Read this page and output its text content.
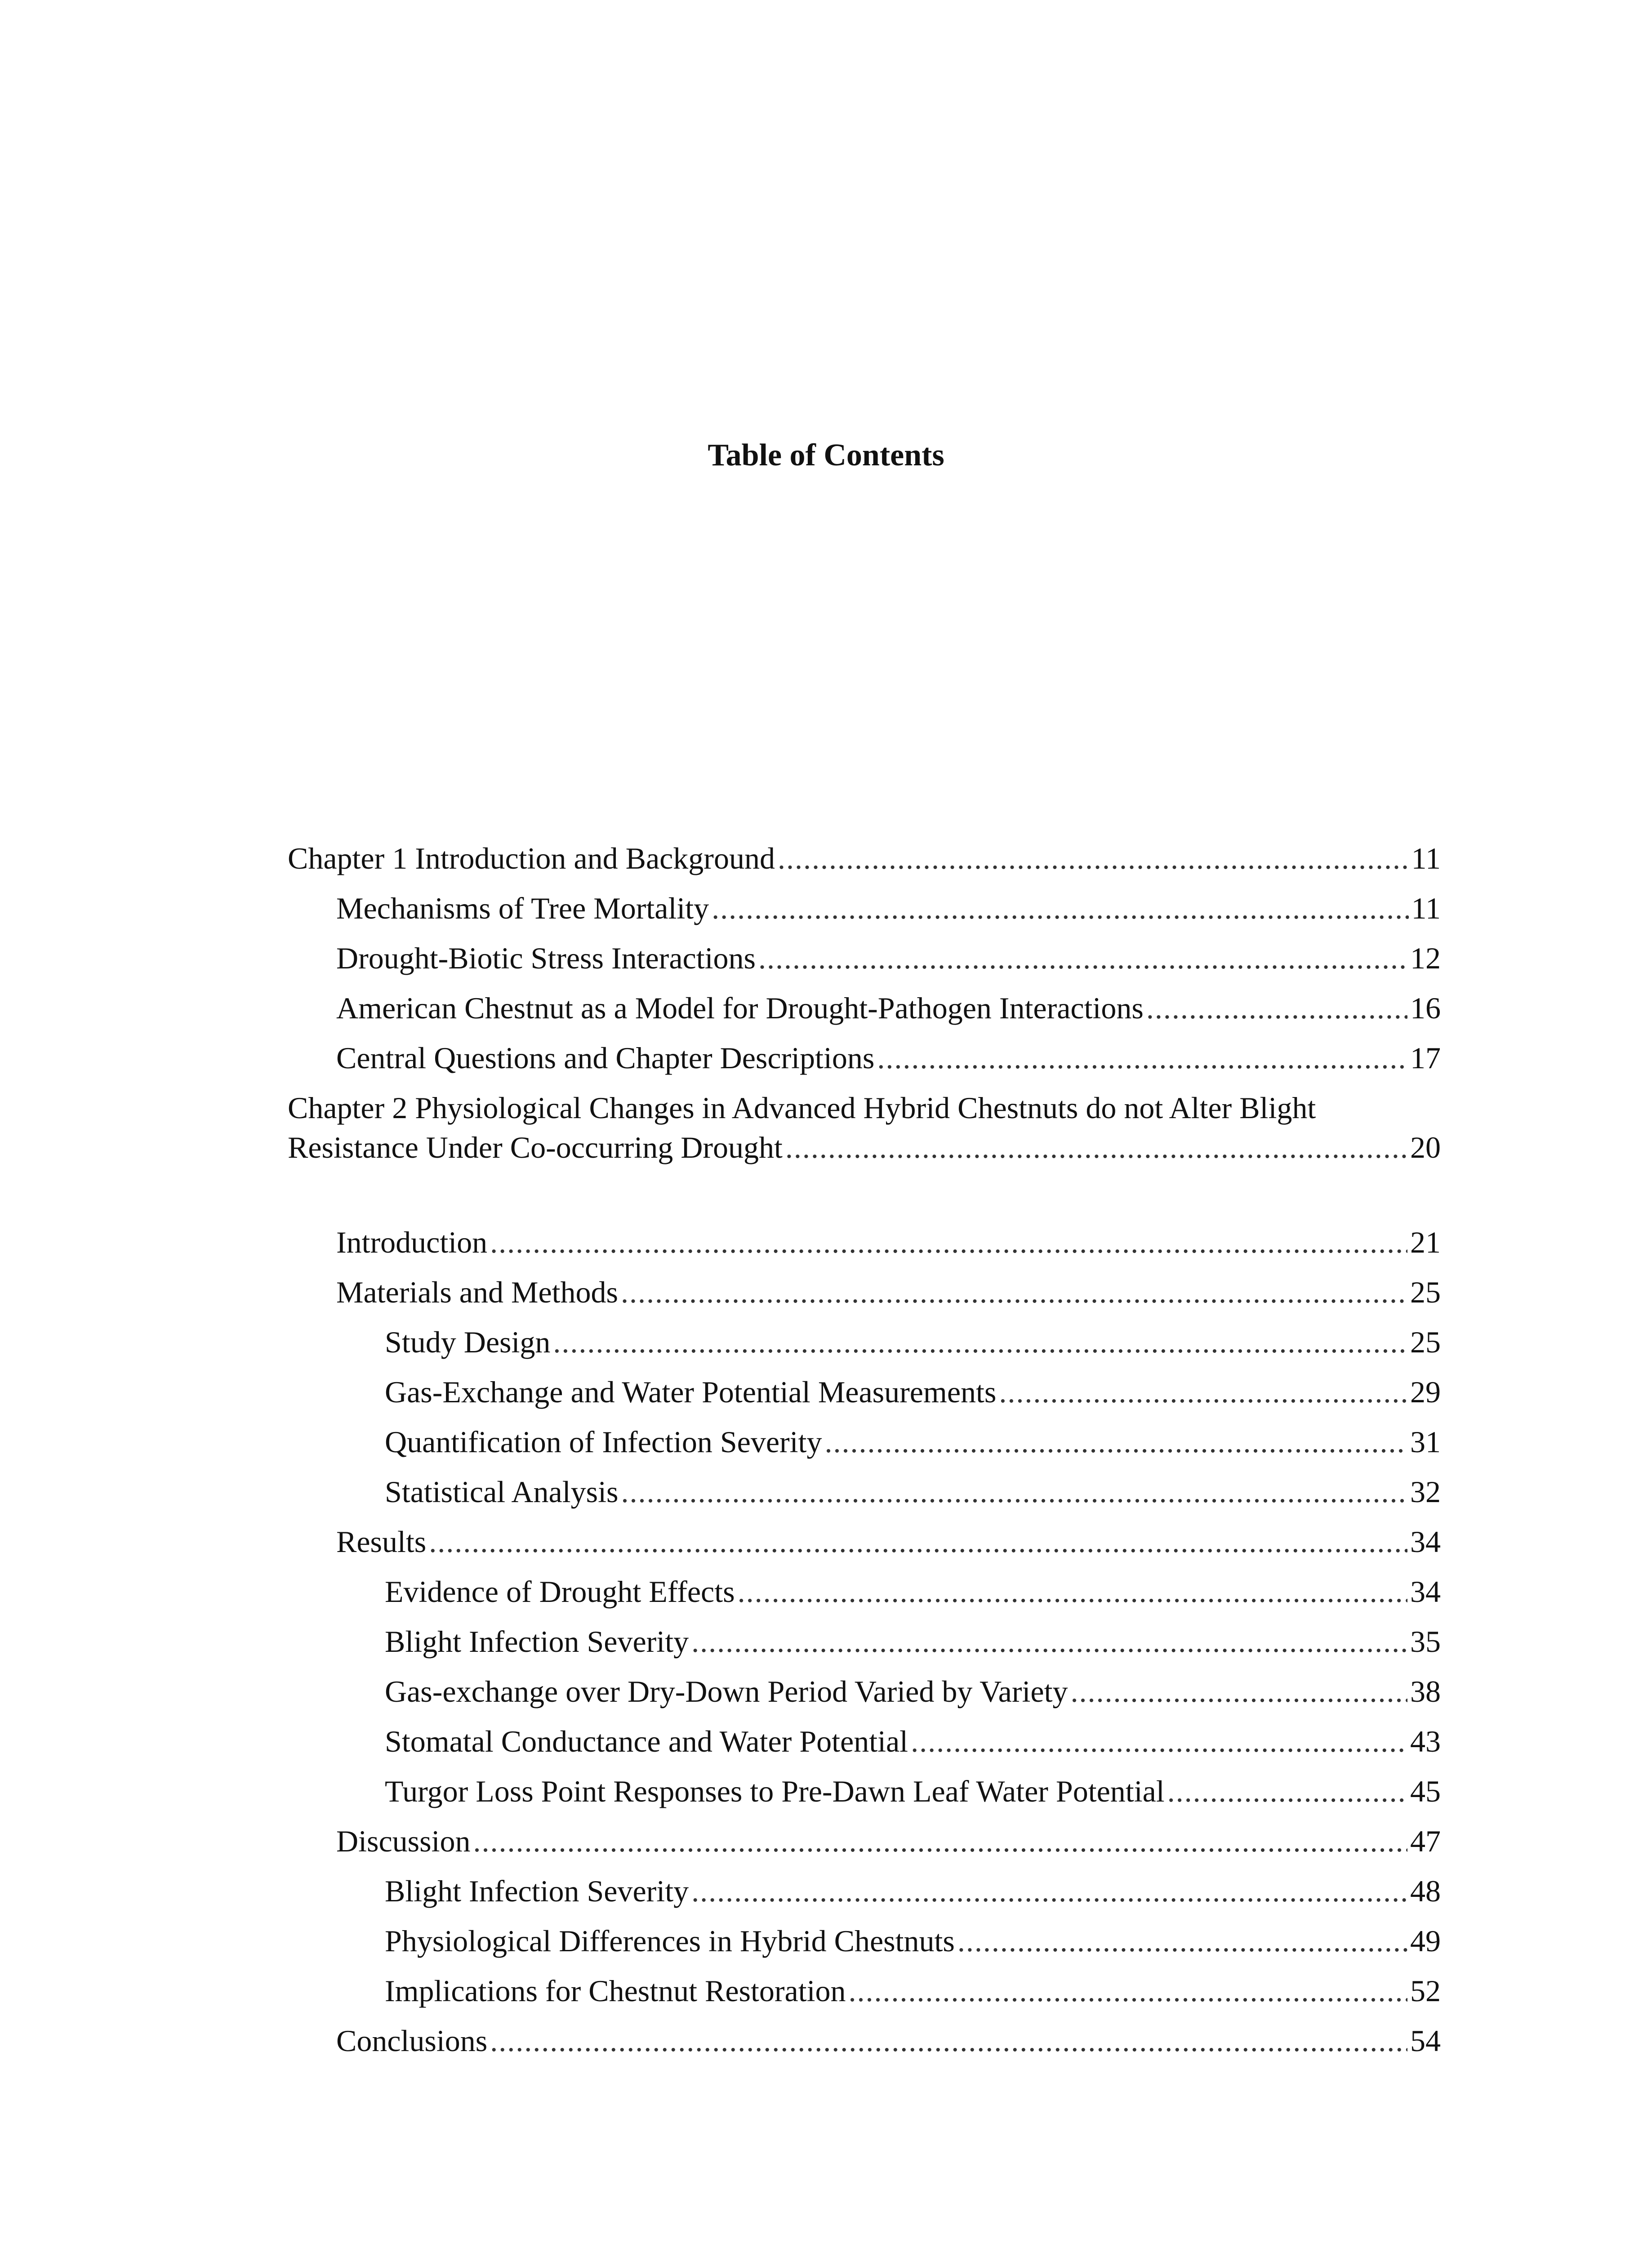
Table of Contents
Chapter 1 Introduction and Background .....	11
Mechanisms of Tree Mortality .....	11
Drought-Biotic Stress Interactions .....	12
American Chestnut as a Model for Drought-Pathogen Interactions .....	16
Central Questions and Chapter Descriptions .....	17
Chapter 2 Physiological Changes in Advanced Hybrid Chestnuts do not Alter Blight
Resistance Under Co-occurring Drought .....	20
Introduction .....	21
Materials and Methods .....	25
Study Design .....	25
Gas-Exchange and Water Potential Measurements .....	29
Quantification of Infection Severity .....	31
Statistical Analysis .....	32
Results .....	34
Evidence of Drought Effects .....	34
Blight Infection Severity .....	35
Gas-exchange over Dry-Down Period Varied by Variety .....	38
Stomatal Conductance and Water Potential .....	43
Turgor Loss Point Responses to Pre-Dawn Leaf Water Potential .....	45
Discussion .....	47
Blight Infection Severity .....	48
Physiological Differences in Hybrid Chestnuts .....	49
Implications for Chestnut Restoration .....	52
Conclusions .....	54
